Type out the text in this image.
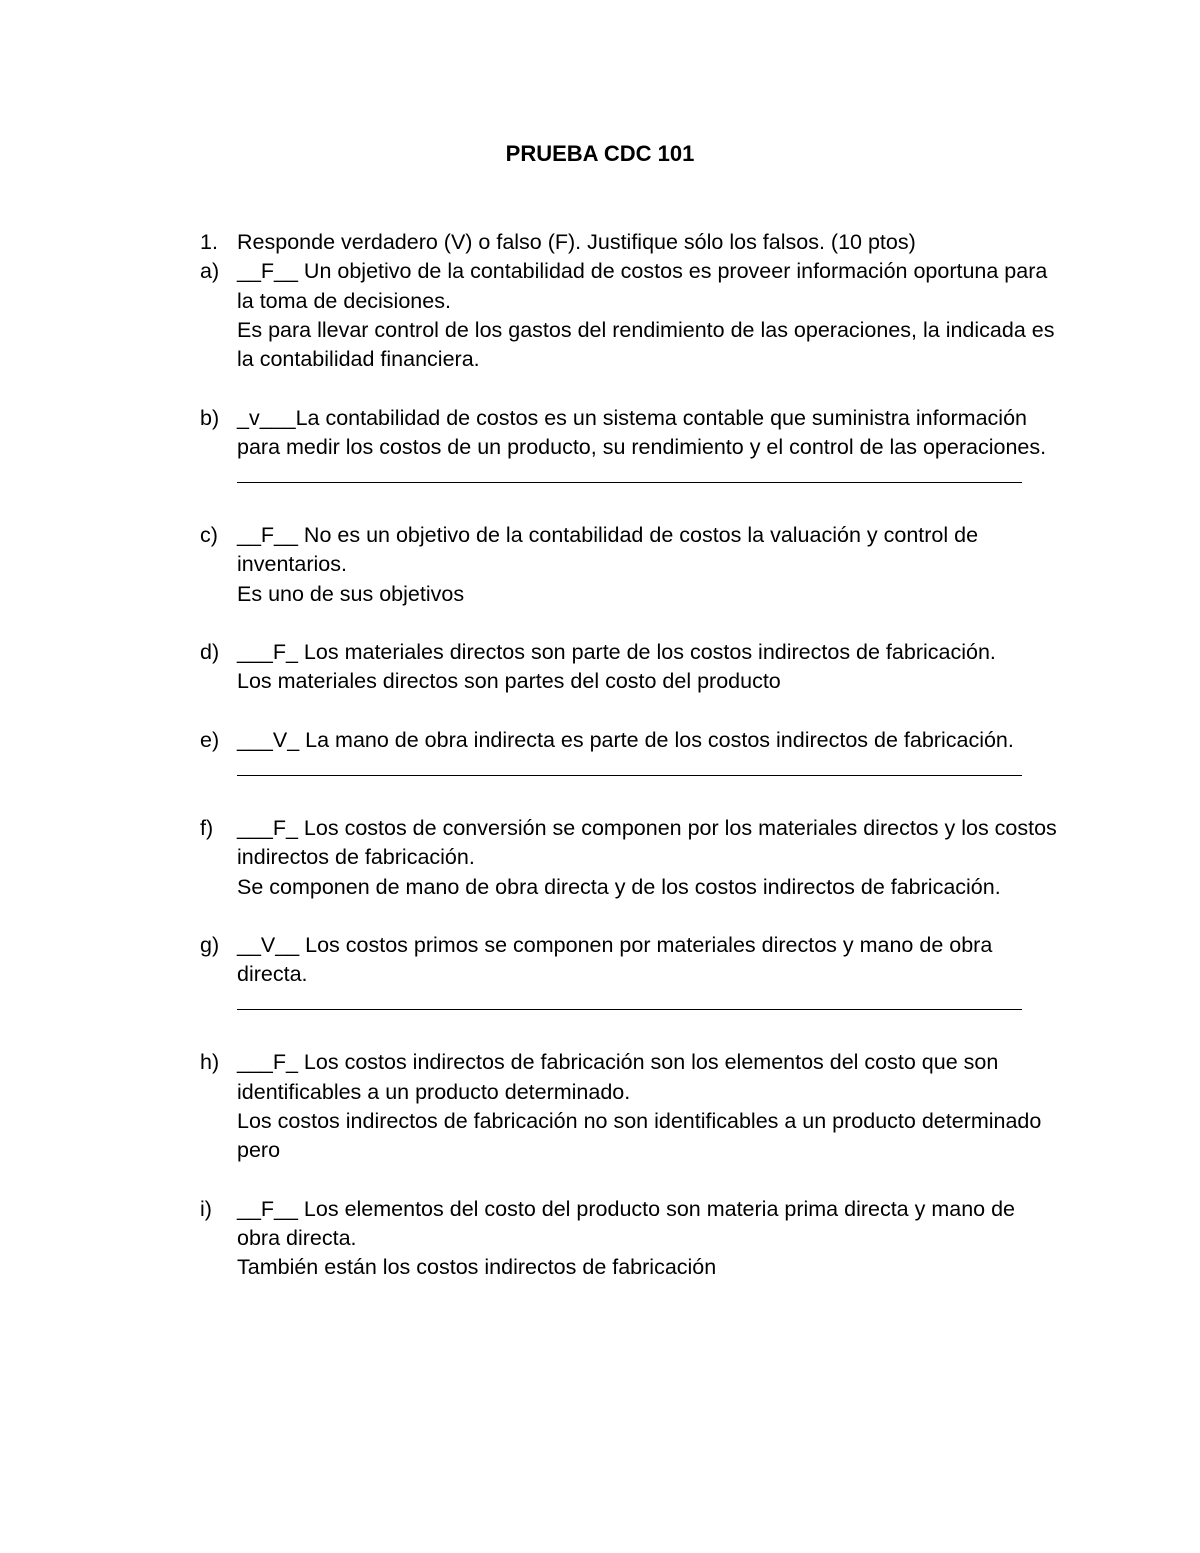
PRUEBA CDC 101
1. Responde verdadero (V) o falso (F). Justifique sólo los falsos. (10 ptos)

a) __F__ Un objetivo de la contabilidad de costos es proveer información oportuna para la toma de decisiones.

Es para llevar control de los gastos del rendimiento de las operaciones, la indicada es la contabilidad financiera.

b) _v___La contabilidad de costos es un sistema contable que suministra información para medir los costos de un producto, su rendimiento y el control de las operaciones.

c) __F__ No es un objetivo de la contabilidad de costos la valuación y control de inventarios.

Es uno de sus objetivos

d) ___F_ Los materiales directos son parte de los costos indirectos de fabricación.

Los materiales directos son partes del costo del producto

e) ___V_ La mano de obra indirecta es parte de los costos indirectos de fabricación.

f)	___F_ Los costos de conversión se componen por los materiales directos y los costos indirectos de fabricación.

Se componen de mano de obra directa y de los costos indirectos de fabricación.

g) __V__ Los costos primos se componen por materiales directos y mano de obra directa.

h) ___F_ Los costos indirectos de fabricación son los elementos del costo que son identificables a un producto determinado.

Los costos indirectos de fabricación no son identificables a un producto determinado pero

i)	__F__ Los elementos del costo del producto son materia prima directa y mano de obra directa.

También están los costos indirectos de fabricación
